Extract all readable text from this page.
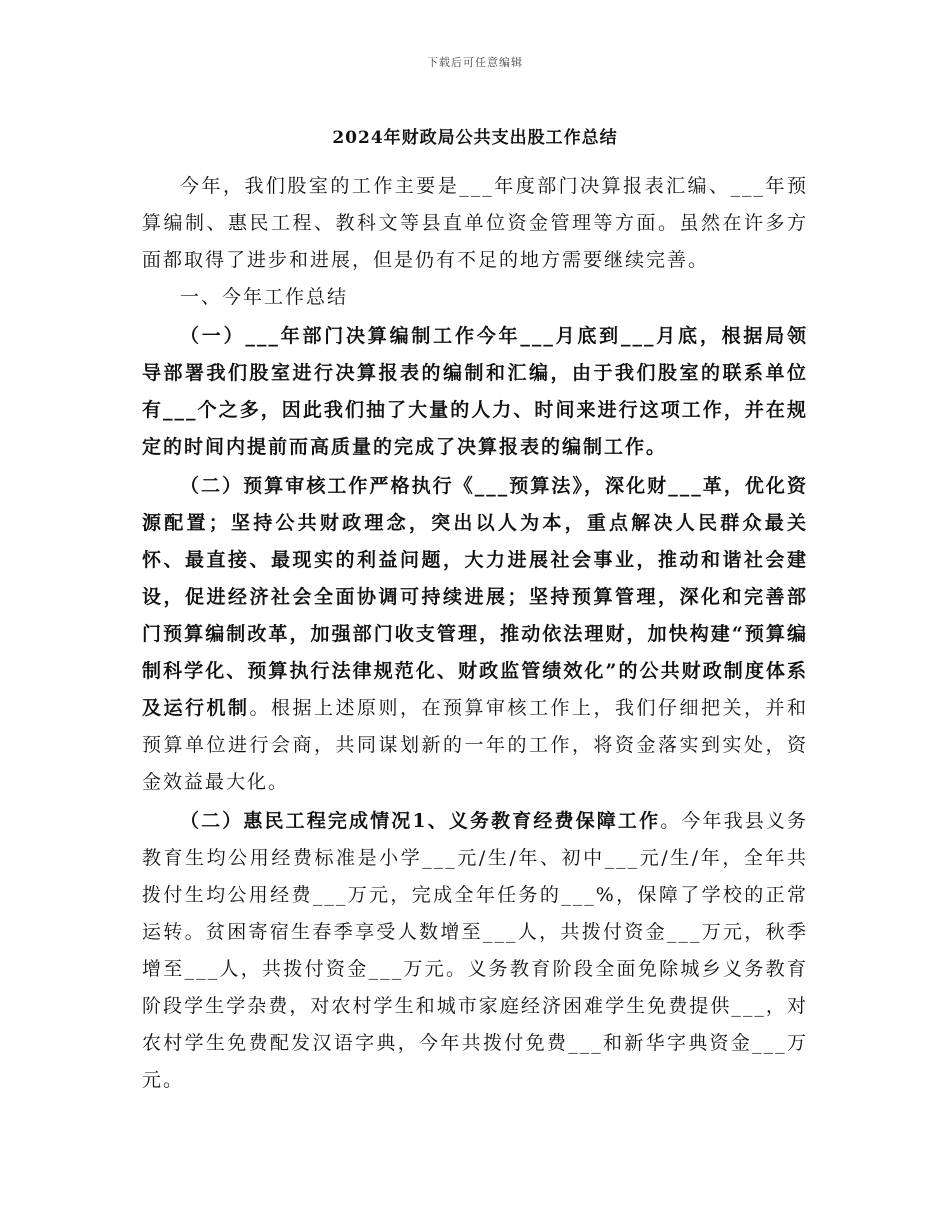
下载后可任意编辑
2024年财政局公共支出股工作总结

今年，我们股室的工作主要是___年度部门决算报表汇编、___年预算编制、惠民工程、教科文等县直单位资金管理等方面。虽然在许多方面都取得了进步和进展，但是仍有不足的地方需要继续完善。

一、今年工作总结

（一）___年部门决算编制工作今年___月底到___月底，根据局领导部署我们股室进行决算报表的编制和汇编，由于我们股室的联系单位有___个之多，因此我们抽了大量的人力、时间来进行这项工作，并在规定的时间内提前而高质量的完成了决算报表的编制工作。

（二）预算审核工作严格执行《___预算法》，深化财___革，优化资源配置；坚持公共财政理念，突出以人为本，重点解决人民群众最关怀、最直接、最现实的利益问题，大力进展社会事业，推动和谐社会建设，促进经济社会全面协调可持续进展；坚持预算管理，深化和完善部门预算编制改革，加强部门收支管理，推动依法理财，加快构建“预算编制科学化、预算执行法律规范化、财政监管绩效化”的公共财政制度体系及运行机制。根据上述原则，在预算审核工作上，我们仔细把关，并和预算单位进行会商，共同谋划新的一年的工作，将资金落实到实处，资金效益最大化。

（二）惠民工程完成情况1、义务教育经费保障工作。今年我县义务教育生均公用经费标准是小学___元/生/年、初中___元/生/年，全年共拨付生均公用经费___万元，完成全年任务的___%，保障了学校的正常运转。贫困寄宿生春季享受人数增至___人，共拨付资金___万元，秋季增至___人，共拨付资金___万元。义务教育阶段全面免除城乡义务教育阶段学生学杂费，对农村学生和城市家庭经济困难学生免费提供___，对农村学生免费配发汉语字典，今年共拨付免费___和新华字典资金___万元。
